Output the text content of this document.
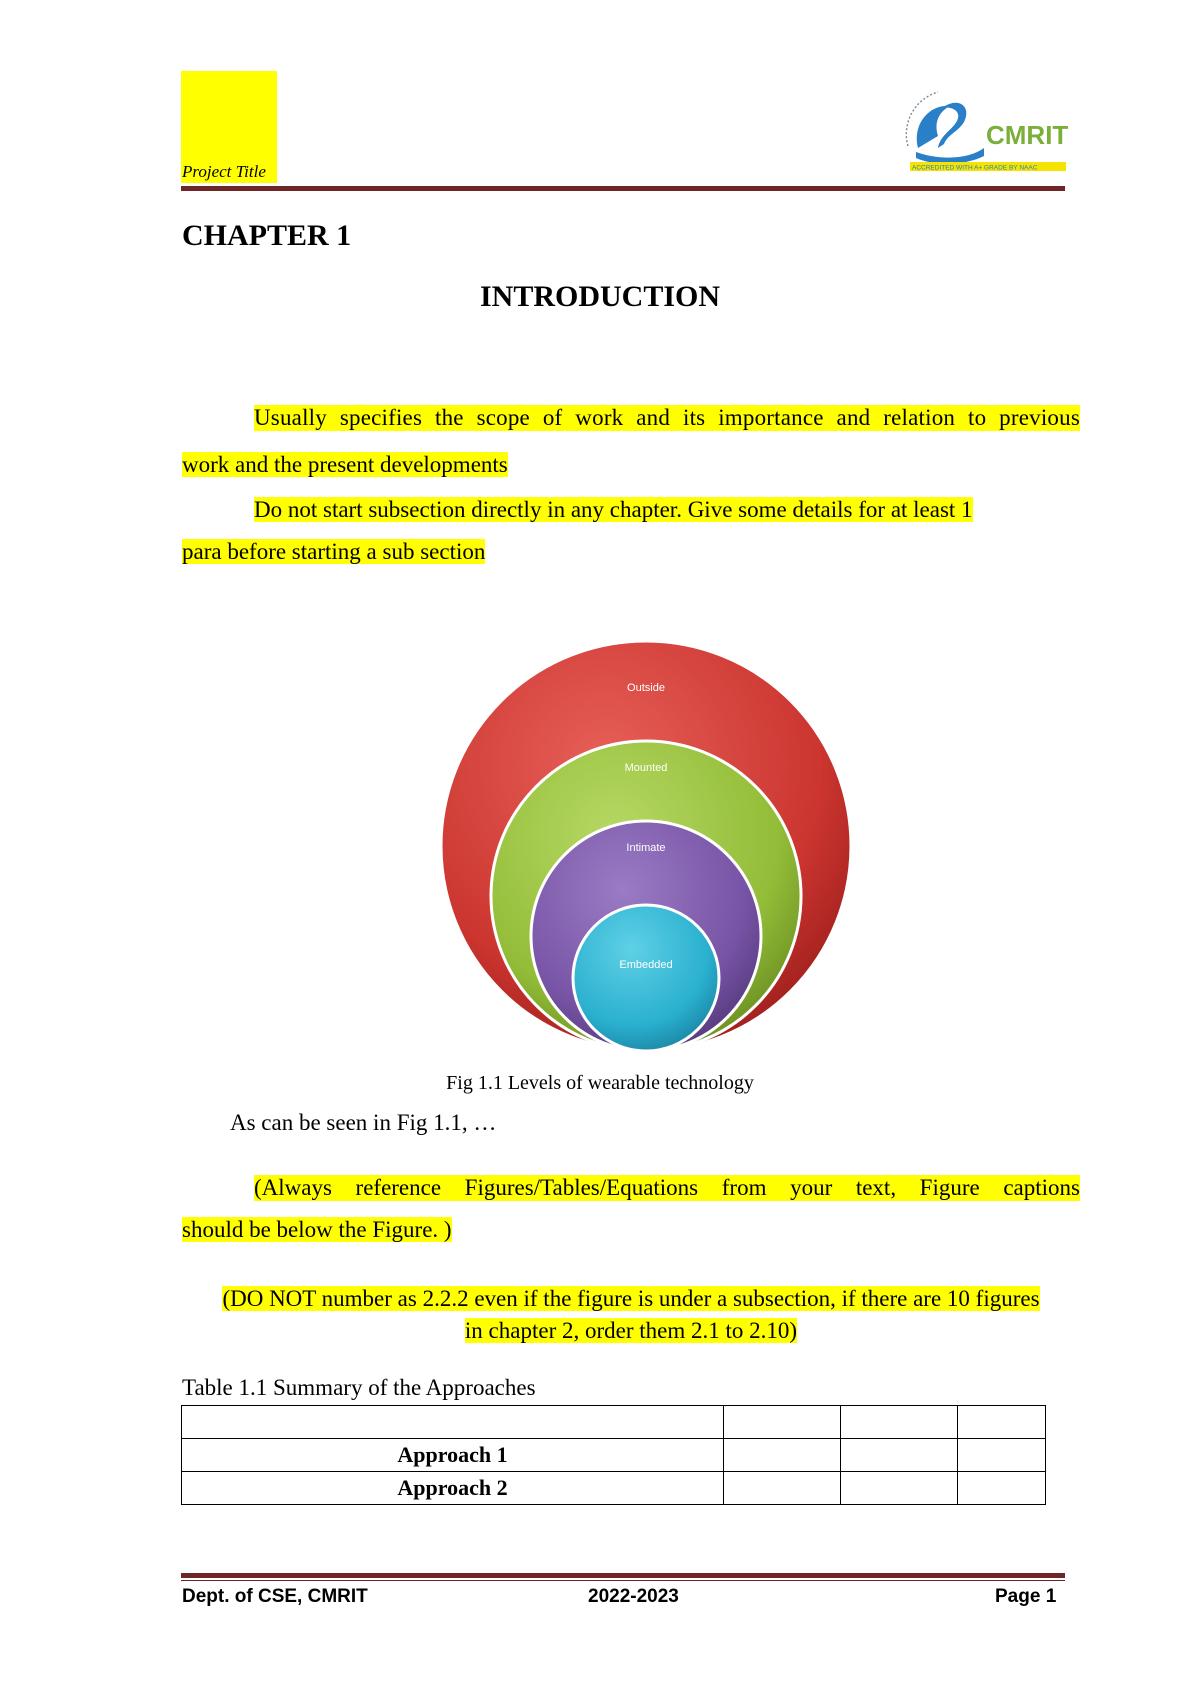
Project Title
CMRIT
ACCREDITED WITH A+ GRADE BY NAAC
CHAPTER 1
INTRODUCTION
Usually specifies the scope of work and its importance and relation to previous
work and the present developments
Do not start subsection directly in any chapter. Give some details for at least 1
para before starting a sub section
Outside
Mounted
Intimate
Embedded
Fig 1.1 Levels of wearable technology
As can be seen in Fig 1.1, …
(Always reference Figures/Tables/Equations from your text, Figure captions
should be below the Figure. )
(DO NOT number as 2.2.2 even if the figure is under a subsection, if there are 10 figures
in chapter 2, order them 2.1 to 2.10)
Table 1.1 Summary of the Approaches

Approach 1			
Approach 2			
Dept. of CSE, CMRIT	2022-2023	Page 1
